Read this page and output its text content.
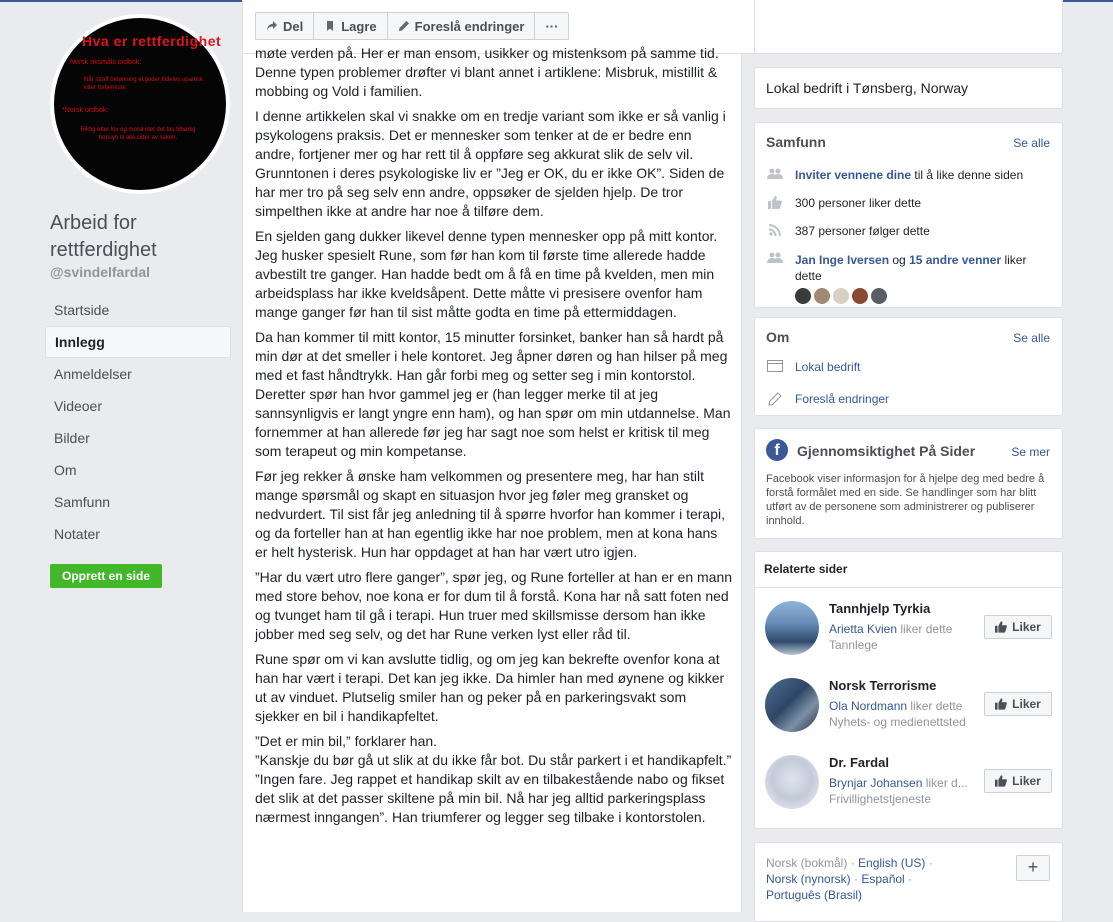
Hva er rettferdighet
Norsk riksmåls ordbok:
Når straff belønning el.goder tildeles upartisk etter fortjeneste.
*Norsk ordbok:
Riktig etter lov og moral idet det tas tilbørlig hensyn til alle sider av saken.
Arbeid for rettferdighet
@svindelfardal
Startside
Innlegg
Anmeldelser
Videoer
Bilder
Om
Samfunn
Notater
Opprett en side
Del	Lagre	Foreslå endringer ···

møte verden på. Her er man ensom, usikker og mistenksom på samme tid. Denne typen problemer drøfter vi blant annet i artiklene: Misbruk, mistillit & mobbing og Vold i familien.

I denne artikkelen skal vi snakke om en tredje variant som ikke er så vanlig i psykologens praksis. Det er mennesker som tenker at de er bedre enn andre, fortjener mer og har rett til å oppføre seg akkurat slik de selv vil. Grunntonen i deres psykologiske liv er ”Jeg er OK, du er ikke OK”. Siden de har mer tro på seg selv enn andre, oppsøker de sjelden hjelp. De tror simpelthen ikke at andre har noe å tilføre dem.

En sjelden gang dukker likevel denne typen mennesker opp på mitt kontor. Jeg husker spesielt Rune, som før han kom til første time allerede hadde avbestilt tre ganger. Han hadde bedt om å få en time på kvelden, men min arbeidsplass har ikke kveldsåpent. Dette måtte vi presisere ovenfor ham mange ganger før han til sist måtte godta en time på ettermiddagen.

Da han kommer til mitt kontor, 15 minutter forsinket, banker han så hardt på min dør at det smeller i hele kontoret. Jeg åpner døren og han hilser på meg med et fast håndtrykk. Han går forbi meg og setter seg i min kontorstol. Deretter spør han hvor gammel jeg er (han legger merke til at jeg sannsynligvis er langt yngre enn ham), og han spør om min utdannelse. Man fornemmer at han allerede før jeg har sagt noe som helst er kritisk til meg som terapeut og min kompetanse.

Før jeg rekker å ønske ham velkommen og presentere meg, har han stilt mange spørsmål og skapt en situasjon hvor jeg føler meg gransket og nedvurdert. Til sist får jeg anledning til å spørre hvorfor han kommer i terapi, og da forteller han at han egentlig ikke har noe problem, men at kona hans er helt hysterisk. Hun har oppdaget at han har vært utro igjen.

”Har du vært utro flere ganger”, spør jeg, og Rune forteller at han er en mann med store behov, noe kona er for dum til å forstå. Kona har nå satt foten ned og tvunget ham til gå i terapi. Hun truer med skillsmisse dersom han ikke jobber med seg selv, og det har Rune verken lyst eller råd til.

Rune spør om vi kan avslutte tidlig, og om jeg kan bekrefte ovenfor kona at han har vært i terapi. Det kan jeg ikke. Da himler han med øynene og kikker ut av vinduet. Plutselig smiler han og peker på en parkeringsvakt som sjekker en bil i handikapfeltet.

”Det er min bil,” forklarer han.
”Kanskje du bør gå ut slik at du ikke får bot. Du står parkert i et handikapfelt.”
”Ingen fare. Jeg rappet et handikap skilt av en tilbakestående nabo og fikset det slik at det passer skiltene på min bil. Nå har jeg alltid parkeringsplass nærmest inngangen”. Han triumferer og legger seg tilbake i kontorstolen.

Lokal bedrift i Tønsberg, Norway
Samfunn	Se alle
Inviter vennene dine til å like denne siden
300 personer liker dette
387 personer følger dette
Jan Inge Iversen og 15 andre venner liker dette
Om	Se alle
Lokal bedrift
Foreslå endringer
f	Gjennomsiktighet På Sider	Se mer
Facebook viser informasjon for å hjelpe deg med bedre å forstå formålet med en side. Se handlinger som har blitt utført av de personene som administrerer og publiserer innhold.
Relaterte sider
Tannhjelp Tyrkia
Arietta Kvien liker dette
Tannlege
Liker
Norsk Terrorisme
Ola Nordmann liker dette
Nyhets- og medienettsted
Liker
Dr. Fardal
Brynjar Johansen liker d...
Frivillighetstjeneste
Liker
Norsk (bokmål) · English (US) ·
Norsk (nynorsk) · Español ·
Português (Brasil)
+
